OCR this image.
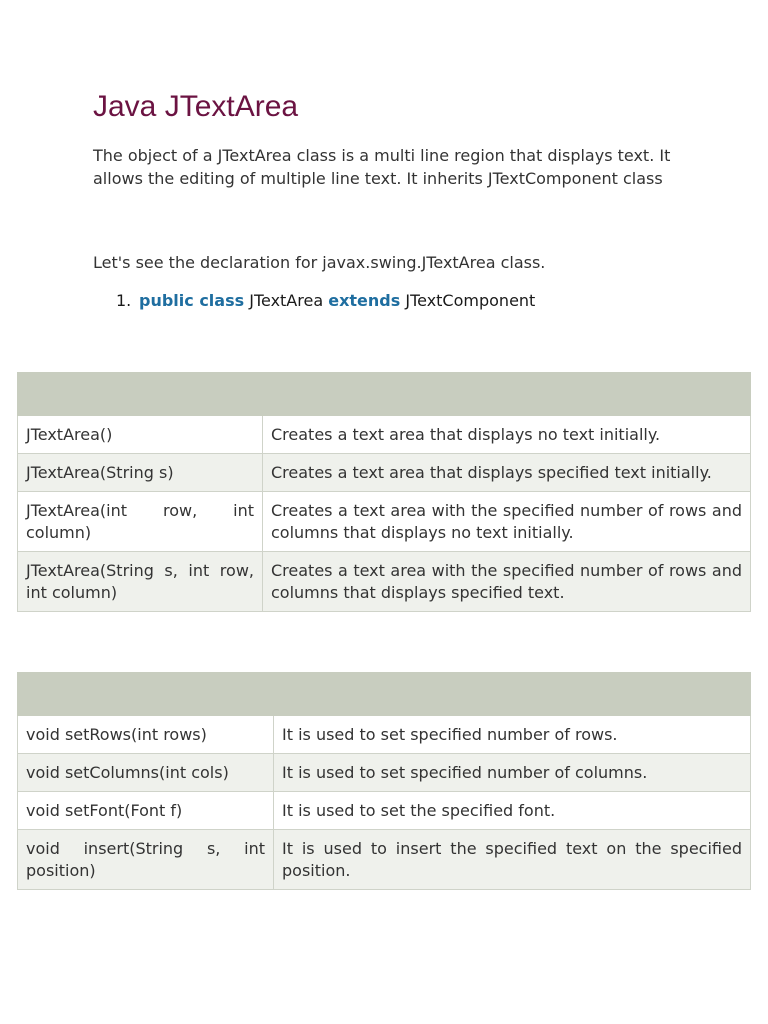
Java JTextArea

The object of a JTextArea class is a multi line region that displays text. It allows the editing of multiple line text. It inherits JTextComponent class

Let's see the declaration for javax.swing.JTextArea class.

1. public class JTextArea extends JTextComponent

JTextArea()	Creates a text area that displays no text initially.
JTextArea(String s)	Creates a text area that displays specified text initially.
JTextArea(int row, int column)	Creates a text area with the specified number of rows and columns that displays no text initially.
JTextArea(String s, int row, int column)	Creates a text area with the specified number of rows and columns that displays specified text.

void setRows(int rows)	It is used to set specified number of rows.
void setColumns(int cols)	It is used to set specified number of columns.
void setFont(Font f)	It is used to set the specified font.
void insert(String s, int position)	It is used to insert the specified text on the specified position.
